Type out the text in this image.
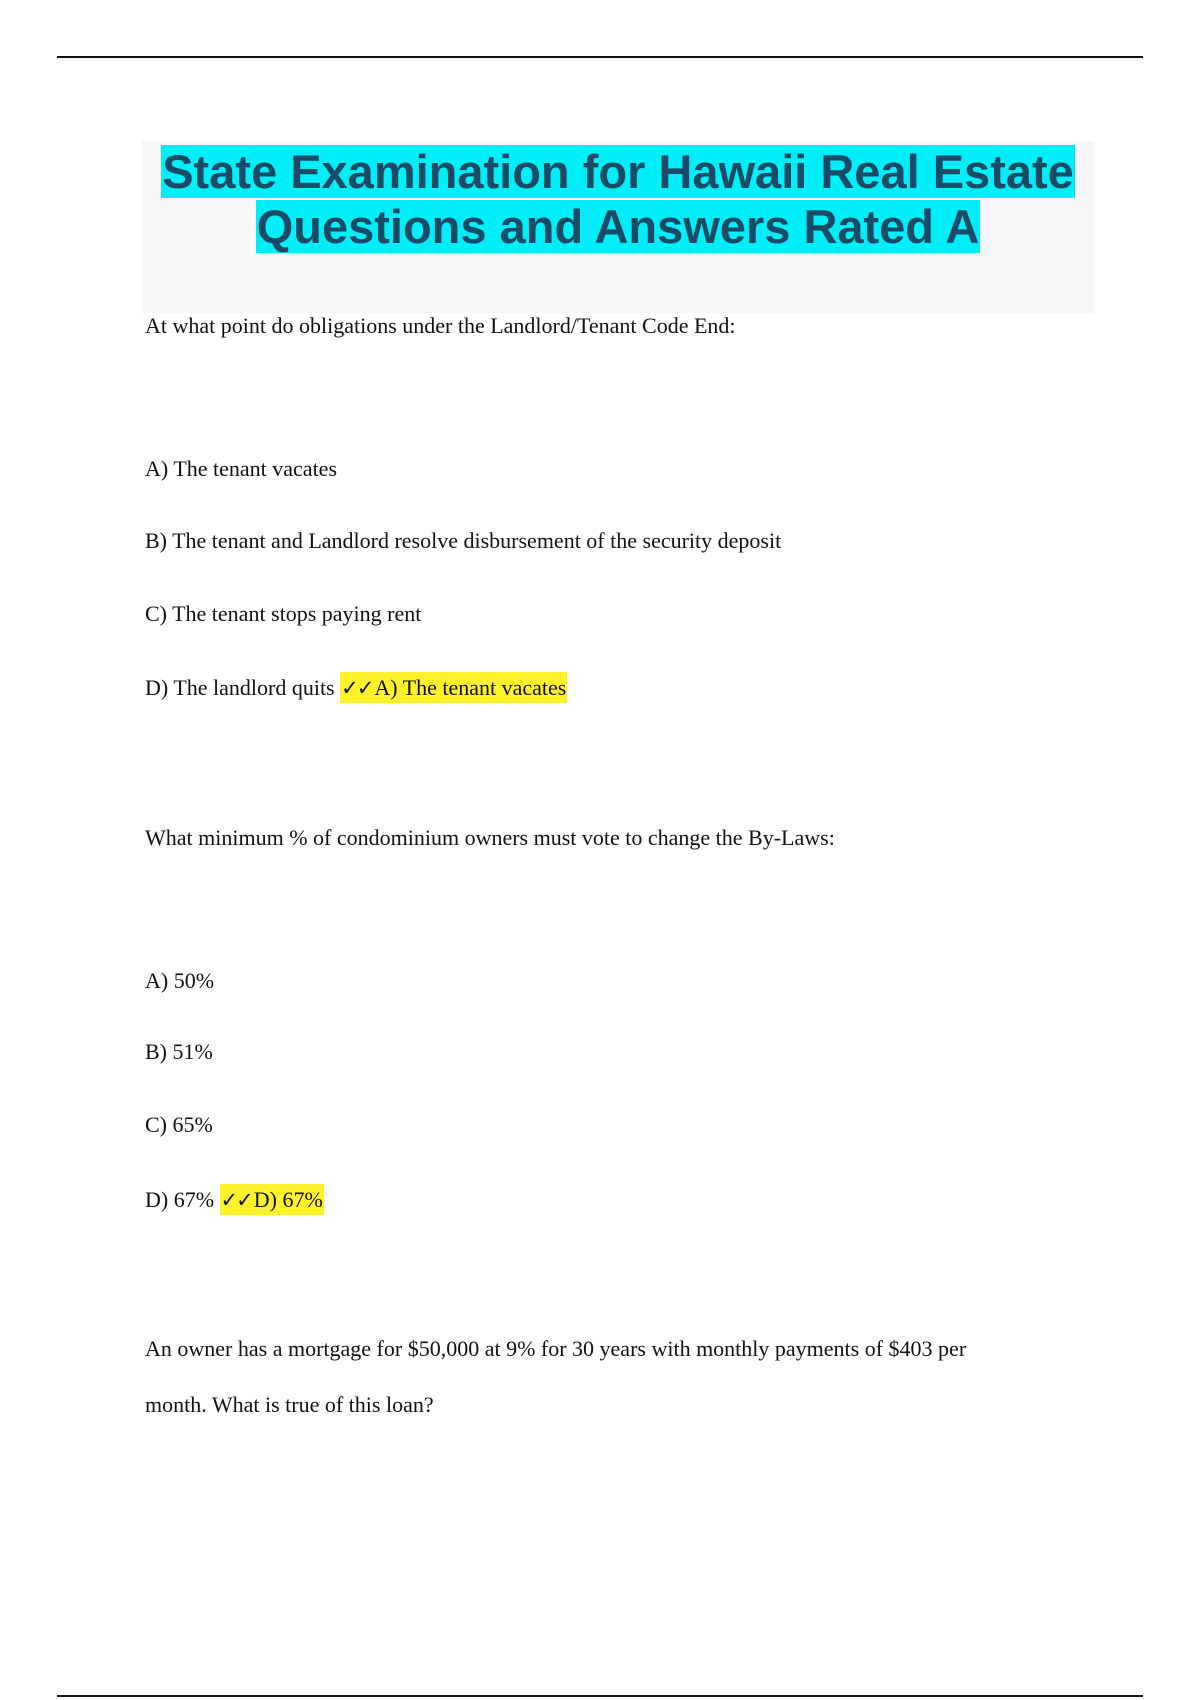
State Examination for Hawaii Real Estate
Questions and Answers Rated A
At what point do obligations under the Landlord/Tenant Code End:
A) The tenant vacates
B) The tenant and Landlord resolve disbursement of the security deposit
C) The tenant stops paying rent
D) The landlord quits ✓✓A) The tenant vacates
What minimum % of condominium owners must vote to change the By-Laws:
A) 50%
B) 51%
C) 65%
D) 67% ✓✓D) 67%
An owner has a mortgage for $50,000 at 9% for 30 years with monthly payments of $403 per
month. What is true of this loan?
